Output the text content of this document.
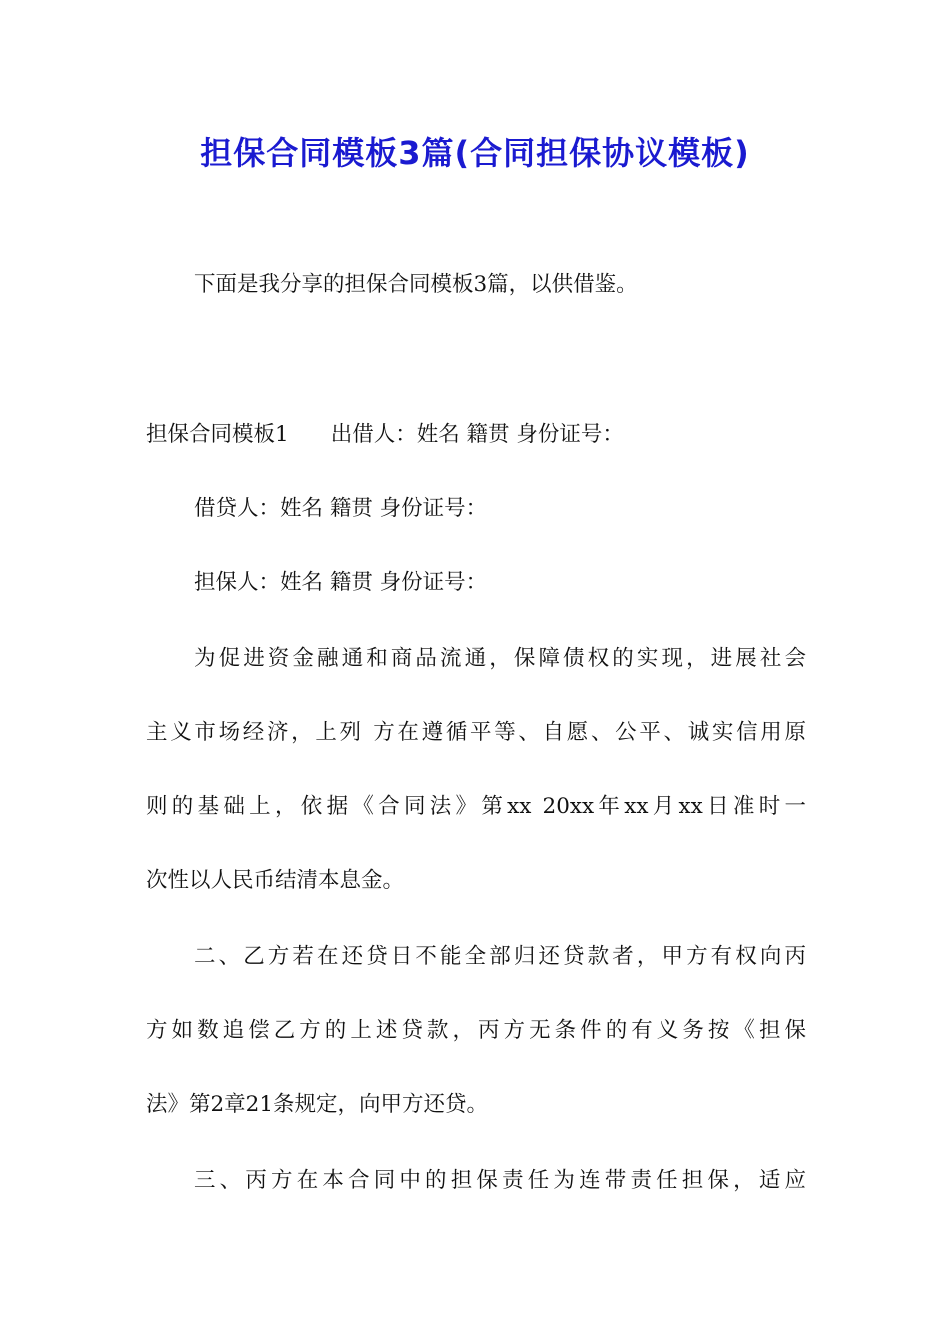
担保合同模板3篇(合同担保协议模板)
下面是我分享的担保合同模板3篇，以供借鉴。
担保合同模板1 出借人：姓名 籍贯 身份证号：
借贷人：姓名 籍贯 身份证号：
担保人：姓名 籍贯 身份证号：
为促进资金融通和商品流通，保障债权的实现，进展社会
主义市场经济，上列 方在遵循平等、自愿、公平、诚实信用原
则的基础上，依据《合同法》第xx 20xx年xx月xx日准时一
次性以人民币结清本息金。
二、乙方若在还贷日不能全部归还贷款者，甲方有权向丙
方如数追偿乙方的上述贷款，丙方无条件的有义务按《担保
法》第2章21条规定，向甲方还贷。
三、丙方在本合同中的担保责任为连带责任担保，适应
